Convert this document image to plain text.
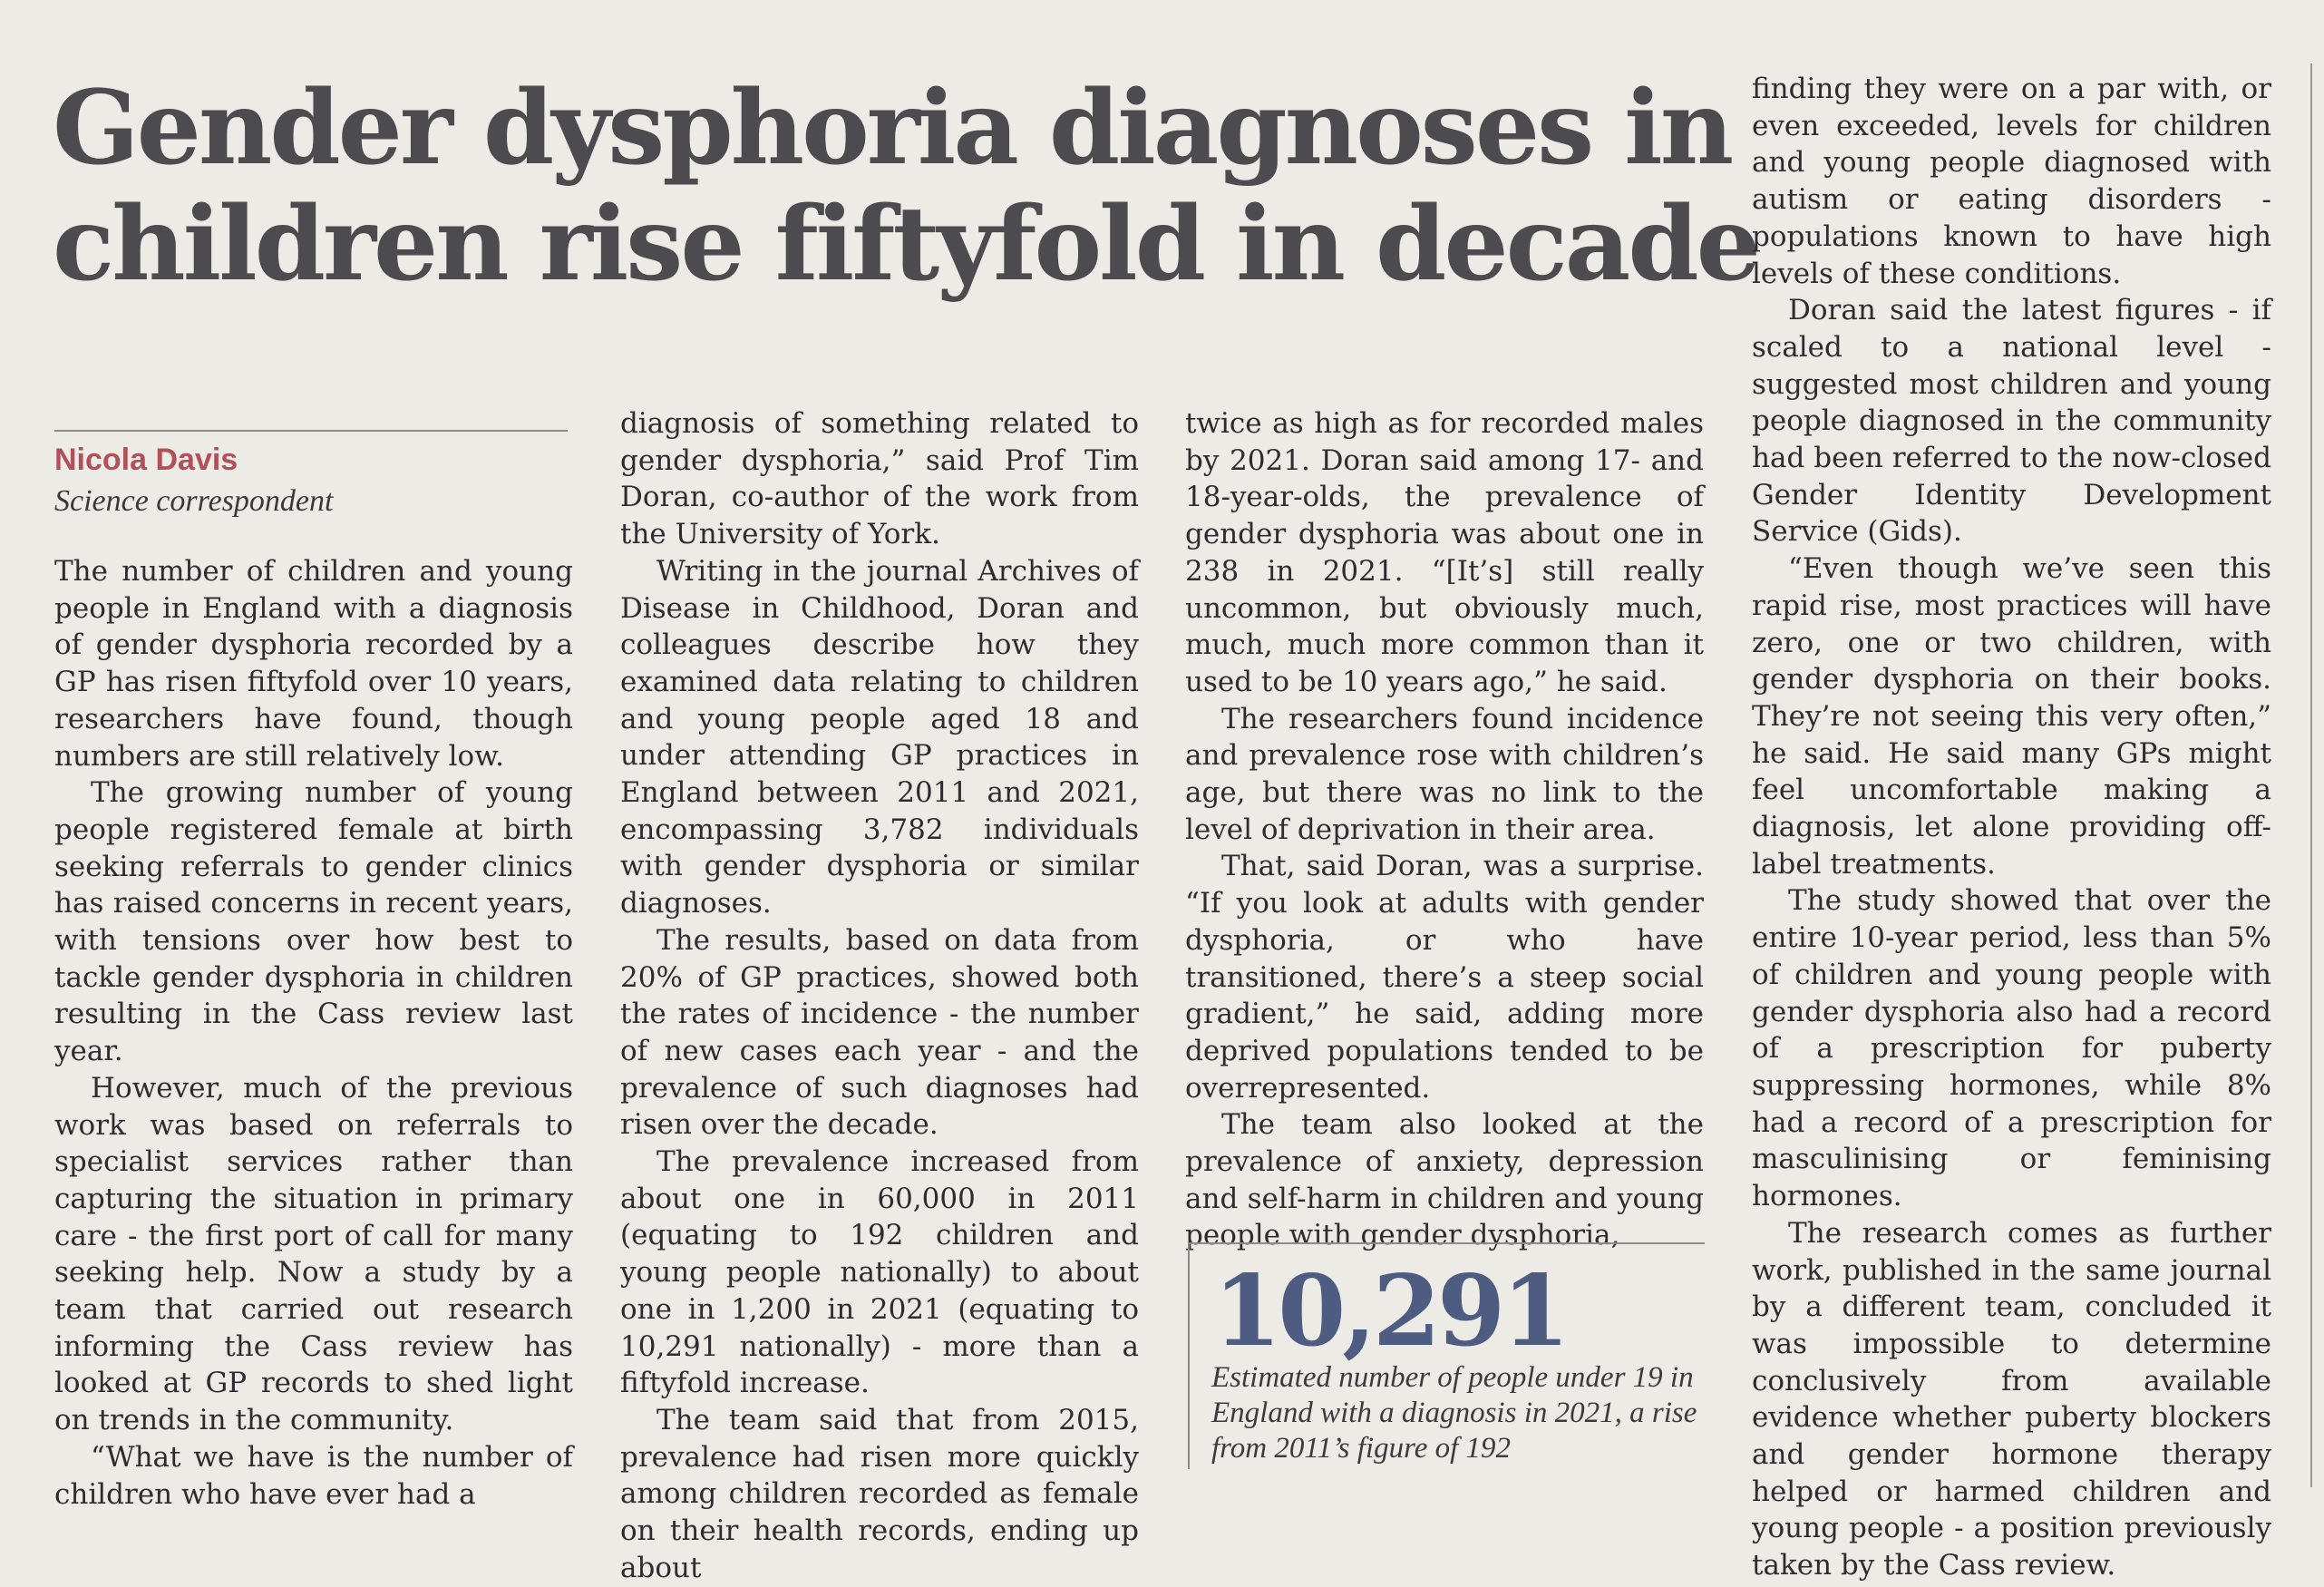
Gender dysphoria diagnoses in
children rise fiftyfold in decade
Nicola Davis
Science correspondent

The number of children and young people in England with a diagnosis of gender dysphoria recorded by a GP has risen fiftyfold over 10 years, researchers have found, though numbers are still relatively low.

The growing number of young people registered female at birth seeking referrals to gender clinics has raised concerns in recent years, with tensions over how best to tackle gender dysphoria in children resulting in the Cass review last year.

However, much of the previous work was based on referrals to specialist services rather than capturing the situation in primary care - the first port of call for many seeking help. Now a study by a team that carried out research informing the Cass review has looked at GP records to shed light on trends in the community.

“What we have is the number of children who have ever had a

diagnosis of something related to gender dysphoria,” said Prof Tim Doran, co-author of the work from the University of York.

Writing in the journal Archives of Disease in Childhood, Doran and colleagues describe how they examined data relating to children and young people aged 18 and under attending GP practices in England between 2011 and 2021, encompassing 3,782 individuals with gender dysphoria or similar diagnoses.

The results, based on data from 20% of GP practices, showed both the rates of incidence - the number of new cases each year - and the prevalence of such diagnoses had risen over the decade.

The prevalence increased from about one in 60,000 in 2011 (equating to 192 children and young people nationally) to about one in 1,200 in 2021 (equating to 10,291 nationally) - more than a fiftyfold increase.

The team said that from 2015, prevalence had risen more quickly among children recorded as female on their health records, ending up about

twice as high as for recorded males by 2021. Doran said among 17- and 18-year-olds, the prevalence of gender dysphoria was about one in 238 in 2021. “[It’s] still really uncommon, but obviously much, much, much more common than it used to be 10 years ago,” he said.

The researchers found incidence and prevalence rose with children’s age, but there was no link to the level of deprivation in their area.

That, said Doran, was a surprise. “If you look at adults with gender dysphoria, or who have transitioned, there’s a steep social gradient,” he said, adding more deprived populations tended to be overrepresented.

The team also looked at the prevalence of anxiety, depression and self-harm in children and young people with gender dysphoria,

10,291
Estimated number of people under 19 in England with a diagnosis in 2021, a rise from 2011’s figure of 192

finding they were on a par with, or even exceeded, levels for children and young people diagnosed with autism or eating disorders - populations known to have high levels of these conditions.

Doran said the latest figures - if scaled to a national level - suggested most children and young people diagnosed in the community had been referred to the now-closed Gender Identity Development Service (Gids).

“Even though we’ve seen this rapid rise, most practices will have zero, one or two children, with gender dysphoria on their books. They’re not seeing this very often,” he said. He said many GPs might feel uncomfortable making a diagnosis, let alone providing off-label treatments.

The study showed that over the entire 10-year period, less than 5% of children and young people with gender dysphoria also had a record of a prescription for puberty suppressing hormones, while 8% had a record of a prescription for masculinising or feminising hormones.

The research comes as further work, published in the same journal by a different team, concluded it was impossible to determine conclusively from available evidence whether puberty blockers and gender hormone therapy helped or harmed children and young people - a position previously taken by the Cass review.
